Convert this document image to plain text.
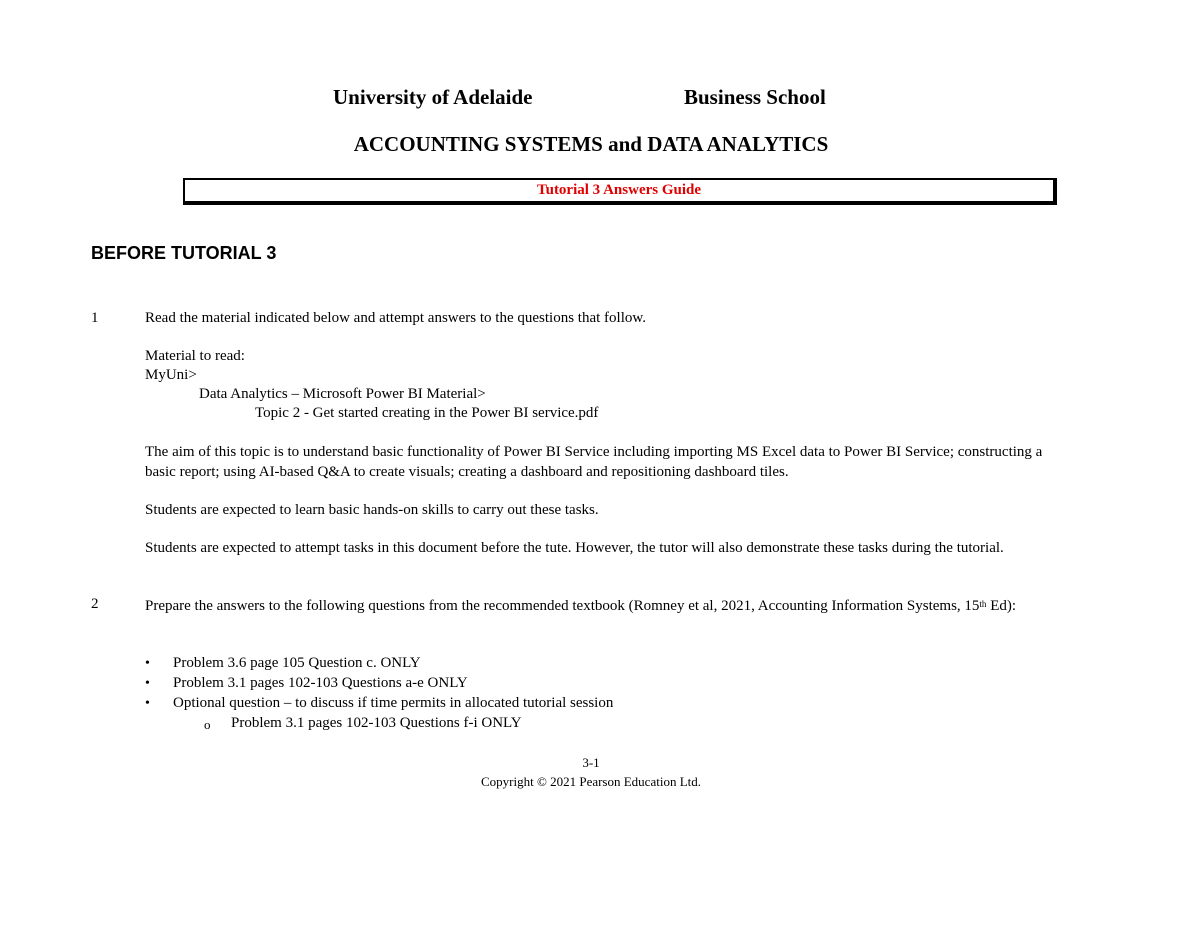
University of Adelaide	Business School
ACCOUNTING SYSTEMS and DATA ANALYTICS
Tutorial 3 Answers Guide
BEFORE TUTORIAL 3
1	Read the material indicated below and attempt answers to the questions that follow.
Material to read:
MyUni>
Data Analytics – Microsoft Power BI Material>
Topic 2 - Get started creating in the Power BI service.pdf
The aim of this topic is to understand basic functionality of Power BI Service including importing MS Excel data to Power BI Service; constructing a basic report; using AI-based Q&A to create visuals; creating a dashboard and repositioning dashboard tiles.
Students are expected to learn basic hands-on skills to carry out these tasks.
Students are expected to attempt tasks in this document before the tute. However, the tutor will also demonstrate these tasks during the tutorial.
2	Prepare the answers to the following questions from the recommended textbook (Romney et al, 2021, Accounting Information Systems, 15th Ed):
• Problem 3.6 page 105 Question c. ONLY
• Problem 3.1 pages 102-103 Questions a-e ONLY
• Optional question – to discuss if time permits in allocated tutorial session
o Problem 3.1 pages 102-103 Questions f-i ONLY
3-1
Copyright © 2021 Pearson Education Ltd.
